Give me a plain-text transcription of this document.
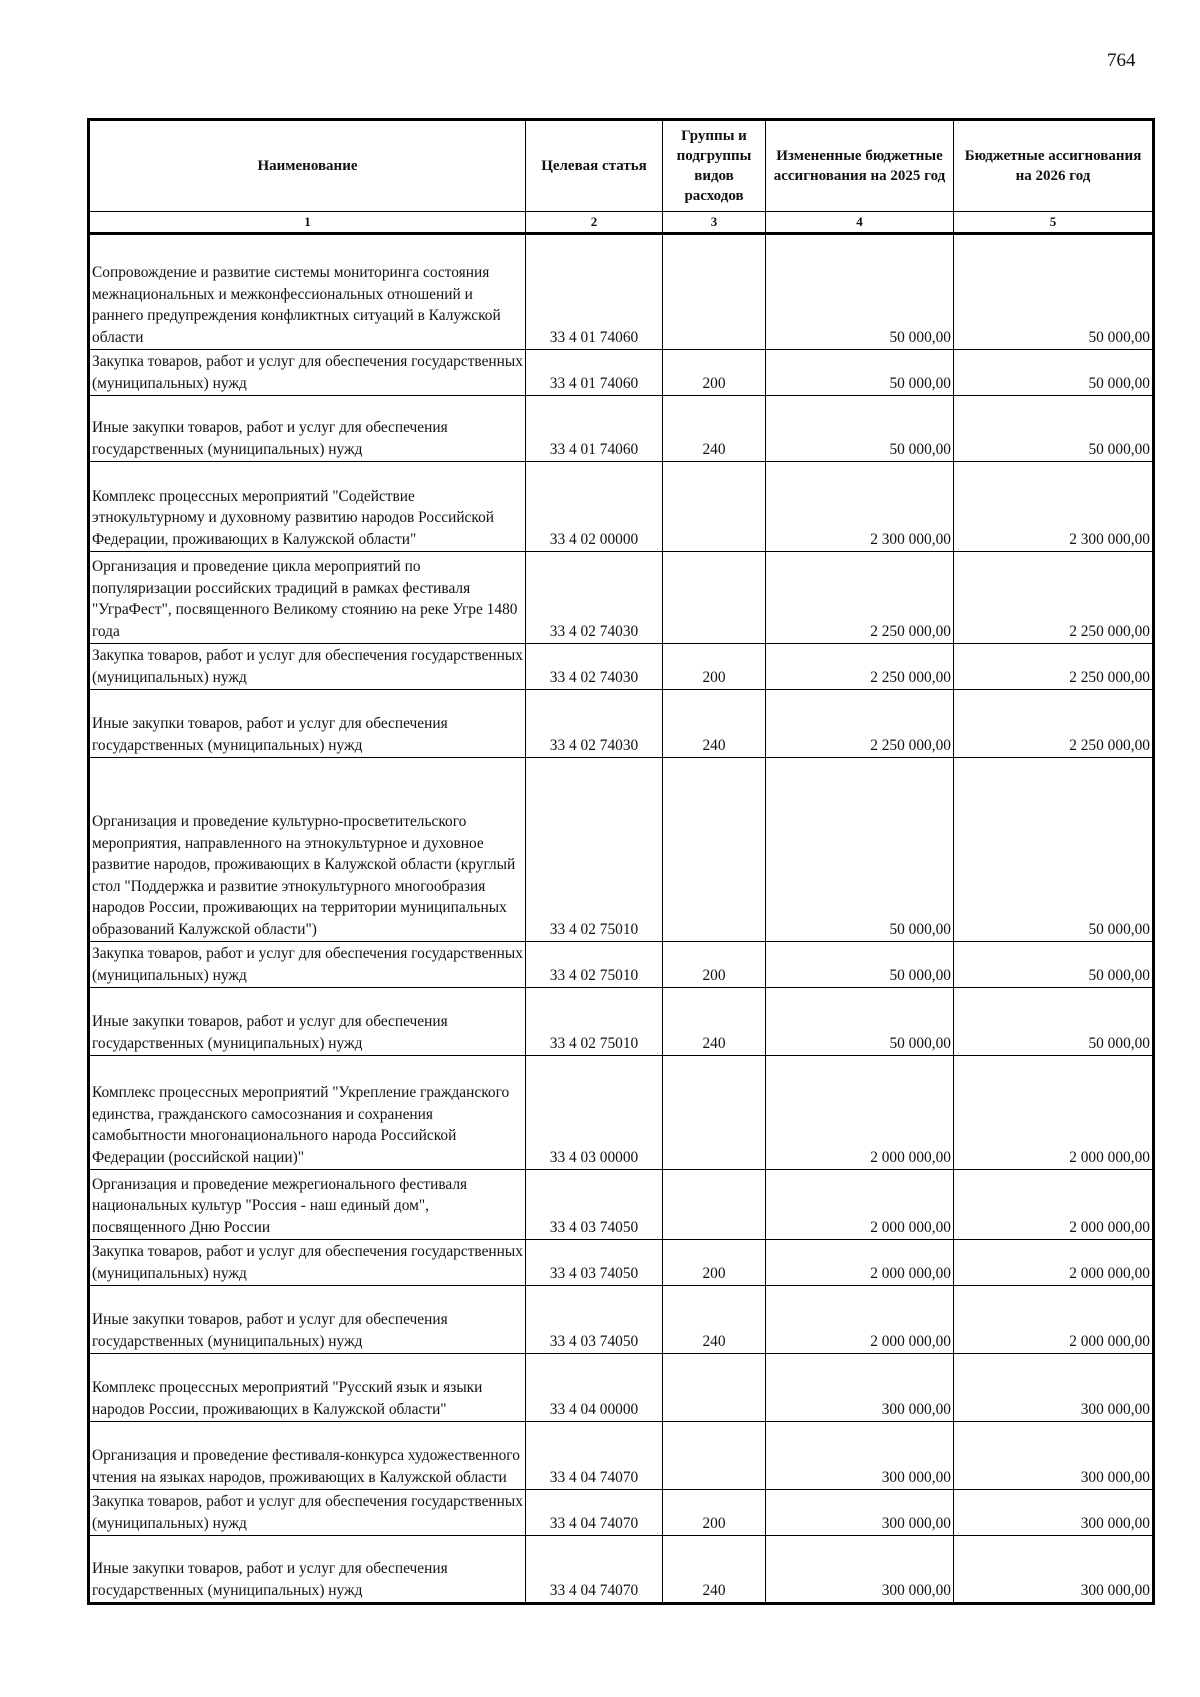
764
Наименование	Целевая статья	Группы и подгруппы видов расходов	Измененные бюджетные ассигнования на 2025 год	Бюджетные ассигнования на 2026 год
1	2	3	4	5
Сопровождение и развитие системы мониторинга состояния межнациональных и межконфессиональных отношений и раннего предупреждения конфликтных ситуаций в Калужской области	33 4 01 74060		50 000,00	50 000,00
Закупка товаров, работ и услуг для обеспечения государственных (муниципальных) нужд	33 4 01 74060	200	50 000,00	50 000,00
Иные закупки товаров, работ и услуг для обеспечения государственных (муниципальных) нужд	33 4 01 74060	240	50 000,00	50 000,00
Комплекс процессных мероприятий "Содействие этнокультурному и духовному развитию народов Российской Федерации, проживающих в Калужской области"	33 4 02 00000		2 300 000,00	2 300 000,00
Организация и проведение цикла мероприятий по популяризации российских традиций в рамках фестиваля "УграФест", посвященного Великому стоянию на реке Угре 1480 года	33 4 02 74030		2 250 000,00	2 250 000,00
Закупка товаров, работ и услуг для обеспечения государственных (муниципальных) нужд	33 4 02 74030	200	2 250 000,00	2 250 000,00
Иные закупки товаров, работ и услуг для обеспечения государственных (муниципальных) нужд	33 4 02 74030	240	2 250 000,00	2 250 000,00
Организация и проведение культурно-просветительского мероприятия, направленного на этнокультурное и духовное развитие народов, проживающих в Калужской области (круглый стол "Поддержка и развитие этнокультурного многообразия народов России, проживающих на территории муниципальных образований Калужской области")	33 4 02 75010		50 000,00	50 000,00
Закупка товаров, работ и услуг для обеспечения государственных (муниципальных) нужд	33 4 02 75010	200	50 000,00	50 000,00
Иные закупки товаров, работ и услуг для обеспечения государственных (муниципальных) нужд	33 4 02 75010	240	50 000,00	50 000,00
Комплекс процессных мероприятий "Укрепление гражданского единства, гражданского самосознания и сохранения самобытности многонационального народа Российской Федерации (российской нации)"	33 4 03 00000		2 000 000,00	2 000 000,00
Организация и проведение межрегионального фестиваля национальных культур "Россия - наш единый дом", посвященного Дню России	33 4 03 74050		2 000 000,00	2 000 000,00
Закупка товаров, работ и услуг для обеспечения государственных (муниципальных) нужд	33 4 03 74050	200	2 000 000,00	2 000 000,00
Иные закупки товаров, работ и услуг для обеспечения государственных (муниципальных) нужд	33 4 03 74050	240	2 000 000,00	2 000 000,00
Комплекс процессных мероприятий "Русский язык и языки народов России, проживающих в Калужской области"	33 4 04 00000		300 000,00	300 000,00
Организация и проведение фестиваля-конкурса художественного чтения на языках народов, проживающих в Калужской области	33 4 04 74070		300 000,00	300 000,00
Закупка товаров, работ и услуг для обеспечения государственных (муниципальных) нужд	33 4 04 74070	200	300 000,00	300 000,00
Иные закупки товаров, работ и услуг для обеспечения государственных (муниципальных) нужд	33 4 04 74070	240	300 000,00	300 000,00
